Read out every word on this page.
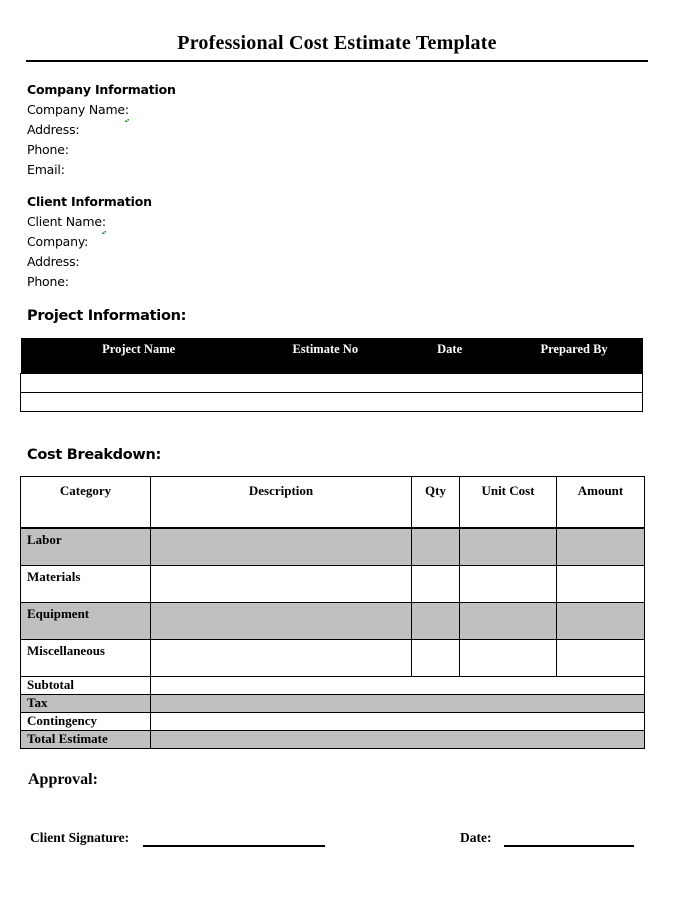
Professional Cost Estimate Template
Company Information
Company Name:
Address:
Phone:
Email:
Client Information
Client Name:
Company:
Address:
Phone:
Project Information:
Project Name	Estimate No	Date	Prepared By

Cost Breakdown:
Category	Description	Qty	Unit Cost	Amount
Labor				
Materials				
Equipment				
Miscellaneous				
Subtotal				
Tax				
Contingency				
Total Estimate				
Approval:
Client Signature:	Date:
